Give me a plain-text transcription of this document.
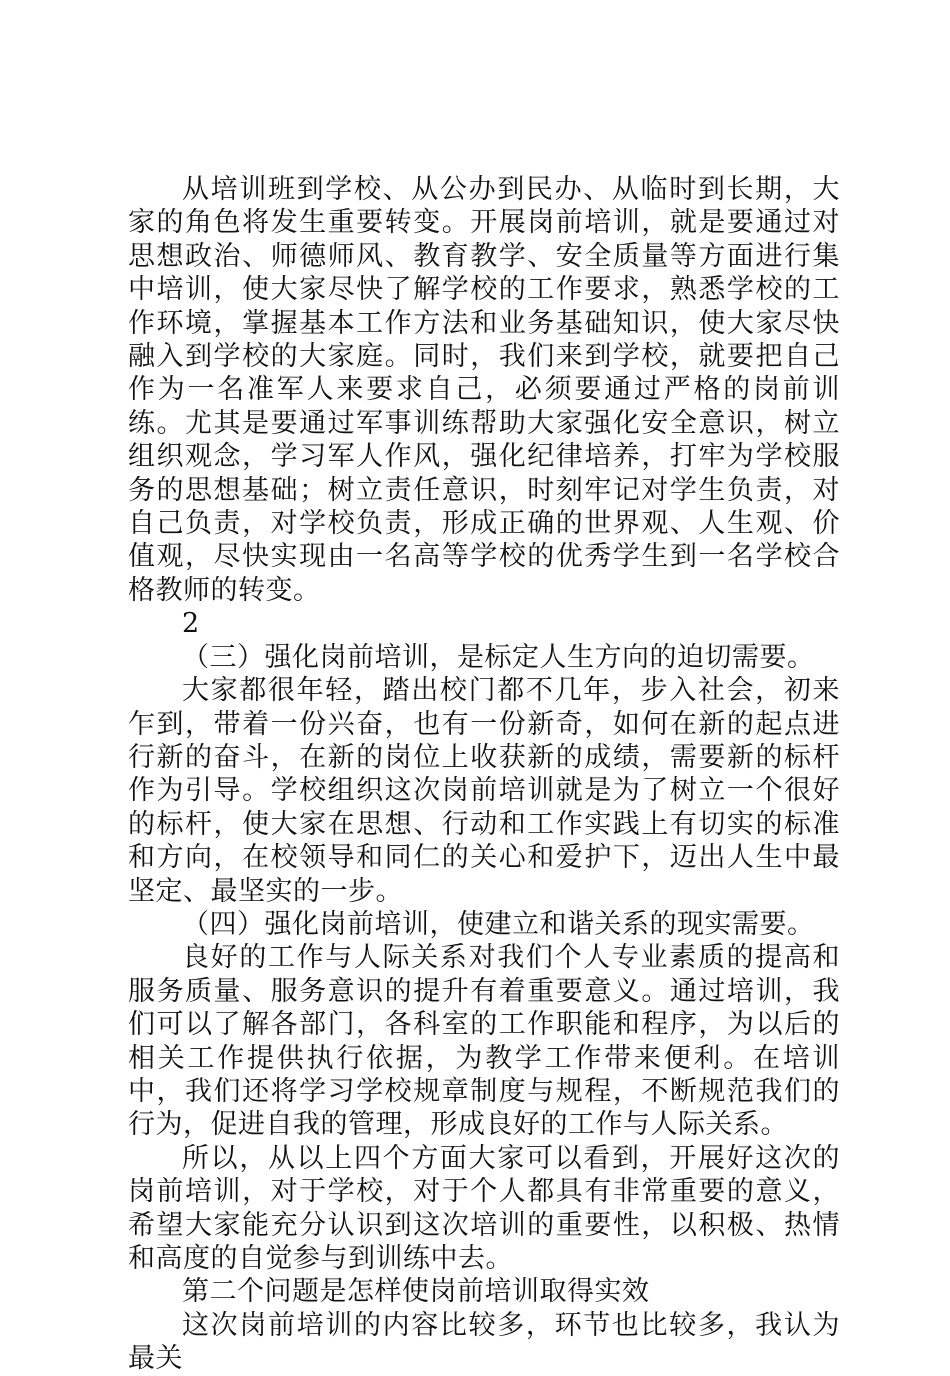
从培训班到学校、从公办到民办、从临时到长期，大家的角色将发生重要转变。开展岗前培训，就是要通过对思想政治、师德师风、教育教学、安全质量等方面进行集中培训，使大家尽快了解学校的工作要求，熟悉学校的工作环境，掌握基本工作方法和业务基础知识，使大家尽快融入到学校的大家庭。同时，我们来到学校，就要把自己作为一名准军人来要求自己，必须要通过严格的岗前训练。尤其是要通过军事训练帮助大家强化安全意识，树立组织观念，学习军人作风，强化纪律培养，打牢为学校服务的思想基础；树立责任意识，时刻牢记对学生负责，对自己负责，对学校负责，形成正确的世界观、人生观、价值观，尽快实现由一名高等学校的优秀学生到一名学校合格教师的转变。

2

（三）强化岗前培训，是标定人生方向的迫切需要。

大家都很年轻，踏出校门都不几年，步入社会，初来乍到，带着一份兴奋，也有一份新奇，如何在新的起点进行新的奋斗，在新的岗位上收获新的成绩，需要新的标杆作为引导。学校组织这次岗前培训就是为了树立一个很好的标杆，使大家在思想、行动和工作实践上有切实的标准和方向，在校领导和同仁的关心和爱护下，迈出人生中最坚定、最坚实的一步。

（四）强化岗前培训，使建立和谐关系的现实需要。

良好的工作与人际关系对我们个人专业素质的提高和服务质量、服务意识的提升有着重要意义。通过培训，我们可以了解各部门，各科室的工作职能和程序，为以后的相关工作提供执行依据，为教学工作带来便利。在培训中，我们还将学习学校规章制度与规程，不断规范我们的行为，促进自我的管理，形成良好的工作与人际关系。

所以，从以上四个方面大家可以看到，开展好这次的岗前培训，对于学校，对于个人都具有非常重要的意义，希望大家能充分认识到这次培训的重要性，以积极、热情和高度的自觉参与到训练中去。

第二个问题是怎样使岗前培训取得实效

这次岗前培训的内容比较多，环节也比较多，我认为最关
